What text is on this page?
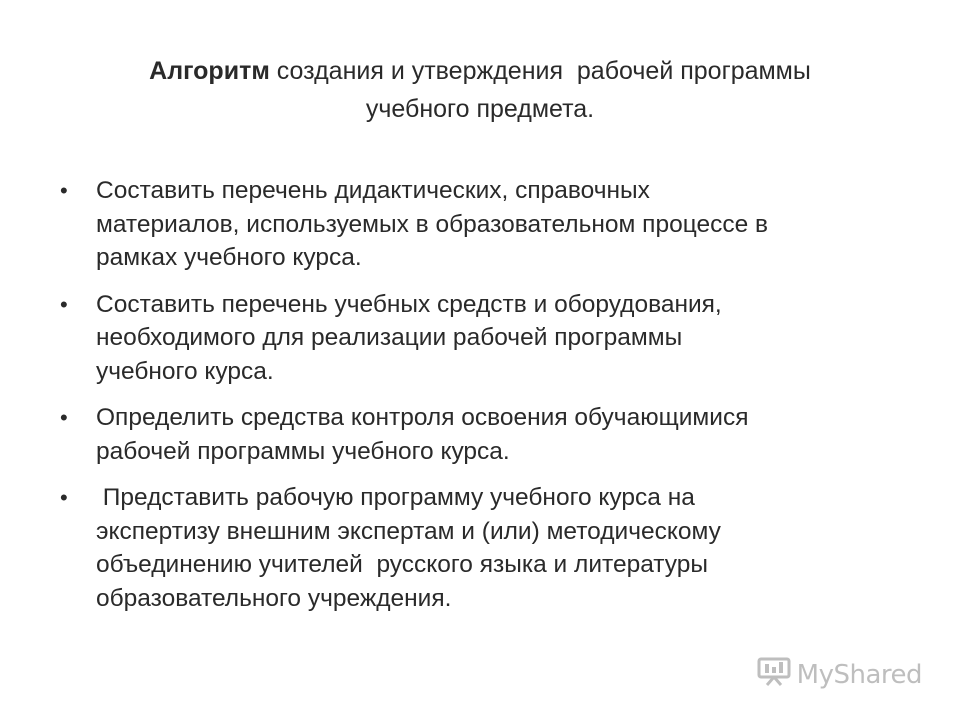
Алгоритм создания и утверждения  рабочей программы
учебного предмета.
• Составить перечень дидактических, справочных
материалов, используемых в образовательном процессе в
рамках учебного курса.
• Составить перечень учебных средств и оборудования,
необходимого для реализации рабочей программы
учебного курса.
• Определить средства контроля освоения обучающимися
рабочей программы учебного курса.
• Представить рабочую программу учебного курса на
экспертизу внешним экспертам и (или) методическому
объединению учителей  русского языка и литературы
образовательного учреждения.
MyShared
